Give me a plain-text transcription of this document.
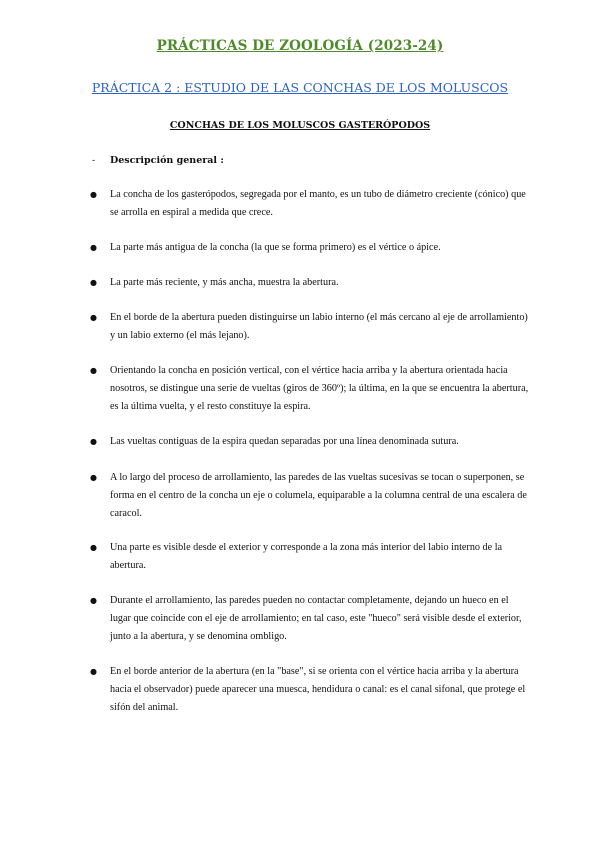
PRÁCTICAS DE ZOOLOGÍA (2023-24)
PRÁCTICA 2 : ESTUDIO DE LAS CONCHAS DE LOS MOLUSCOS
CONCHAS DE LOS MOLUSCOS GASTERÓPODOS
- Descripción general :
● La concha de los gasterópodos, segregada por el manto, es un tubo de diámetro creciente (cónico) que se arrolla en espiral a medida que crece.
● La parte más antigua de la concha (la que se forma primero) es el vértice o ápice.
● La parte más reciente, y más ancha, muestra la abertura.
● En el borde de la abertura pueden distinguirse un labio interno (el más cercano al eje de arrollamiento) y un labio externo (el más lejano).
● Orientando la concha en posición vertical, con el vértice hacia arriba y la abertura orientada hacia nosotros, se distingue una serie de vueltas (giros de 360º); la última, en la que se encuentra la abertura, es la última vuelta, y el resto constituye la espira.
● Las vueltas contiguas de la espira quedan separadas por una línea denominada sutura.
● A lo largo del proceso de arrollamiento, las paredes de las vueltas sucesivas se tocan o superponen, se forma en el centro de la concha un eje o columela, equiparable a la columna central de una escalera de caracol.
● Una parte es visible desde el exterior y corresponde a la zona más interior del labio interno de la abertura.
● Durante el arrollamiento, las paredes pueden no contactar completamente, dejando un hueco en el lugar que coincide con el eje de arrollamiento; en tal caso, este "hueco" será visible desde el exterior, junto a la abertura, y se denomina ombligo.
● En el borde anterior de la abertura (en la "base", si se orienta con el vértice hacia arriba y la abertura hacia el observador) puede aparecer una muesca, hendidura o canal: es el canal sifonal, que protege el sifón del animal.
